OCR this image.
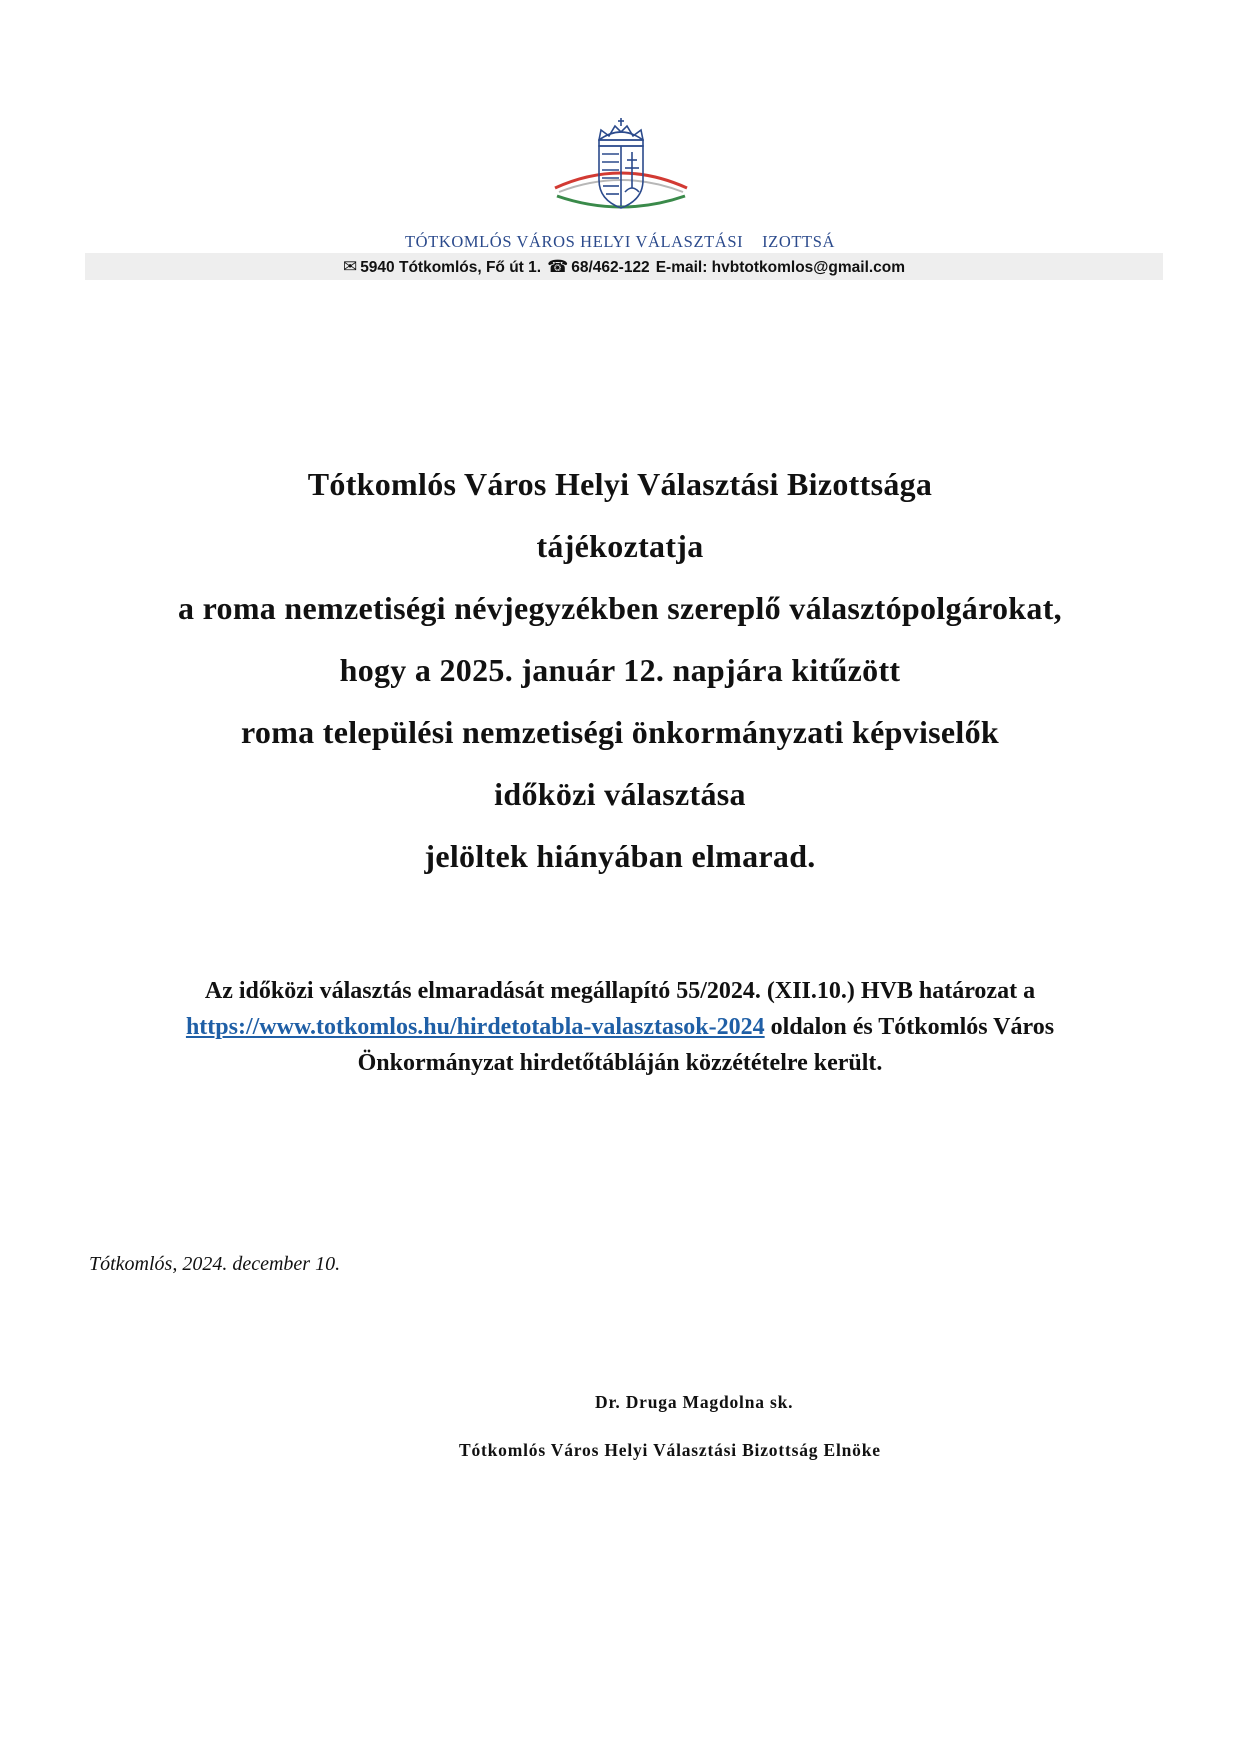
TÓTKOMLÓS VÁROS HELYI VÁLASZTÁSI    IZOTTSÁ
✉ 5940 Tótkomlós, Fő út 1. ☎ 68/462-122 E-mail: hvbtotkomlos@gmail.com
Tótkomlós Város Helyi Választási Bizottsága
tájékoztatja
a roma nemzetiségi névjegyzékben szereplő választópolgárokat,
hogy a 2025. január 12. napjára kitűzött
roma települési nemzetiségi önkormányzati képviselők
időközi választása
jelöltek hiányában elmarad.
Az időközi választás elmaradását megállapító 55/2024. (XII.10.) HVB határozat a
https://www.totkomlos.hu/hirdetotabla-valasztasok-2024 oldalon és Tótkomlós Város
Önkormányzat hirdetőtábláján közzétételre került.
Tótkomlós, 2024. december 10.
Dr. Druga Magdolna sk.
Tótkomlós Város Helyi Választási Bizottság Elnöke
